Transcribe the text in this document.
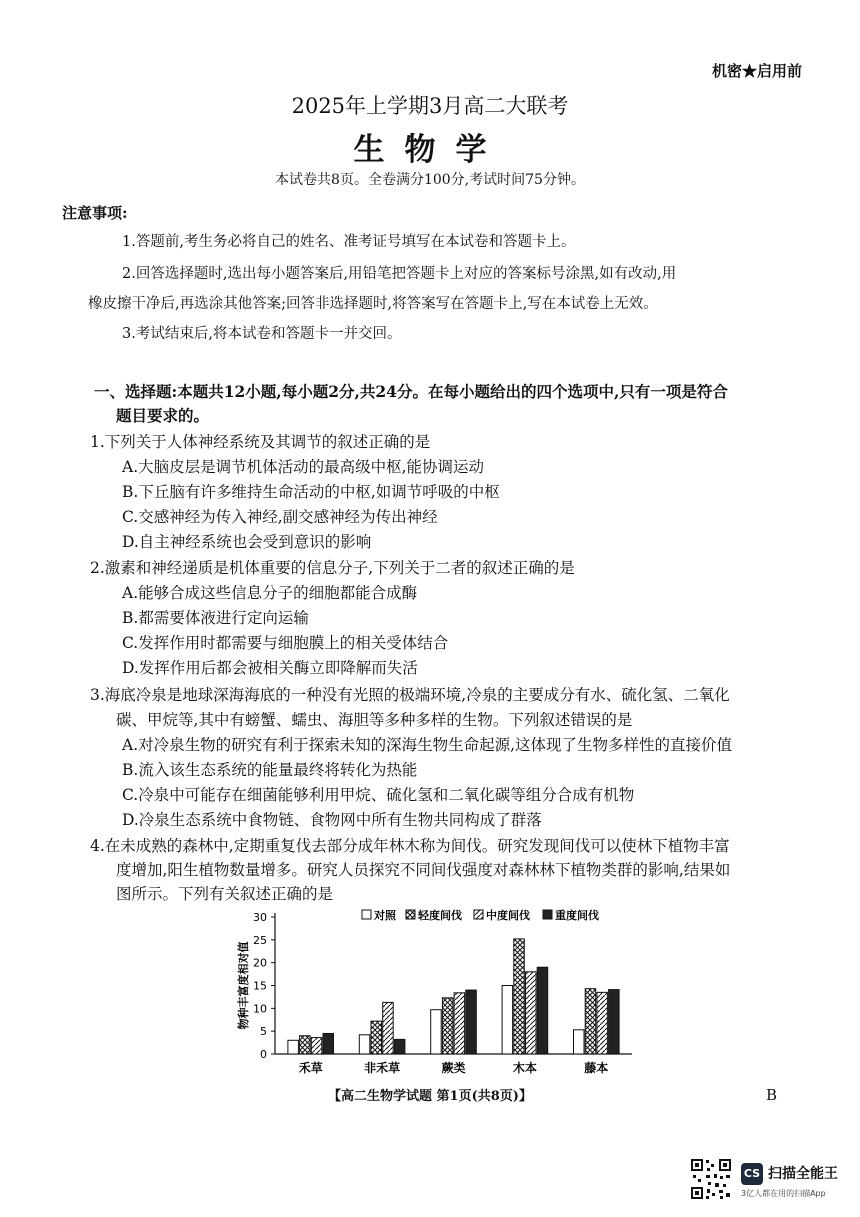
机密★启用前
2025年上学期3月高二大联考
生物学
本试卷共8页。全卷满分100分,考试时间75分钟。
注意事项:
1.答题前,考生务必将自己的姓名、准考证号填写在本试卷和答题卡上。
2.回答选择题时,选出每小题答案后,用铅笔把答题卡上对应的答案标号涂黑,如有改动,用
橡皮擦干净后,再选涂其他答案;回答非选择题时,将答案写在答题卡上,写在本试卷上无效。
3.考试结束后,将本试卷和答题卡一并交回。
一、选择题:本题共12小题,每小题2分,共24分。在每小题给出的四个选项中,只有一项是符合
题目要求的。
1.下列关于人体神经系统及其调节的叙述正确的是
A.大脑皮层是调节机体活动的最高级中枢,能协调运动
B.下丘脑有许多维持生命活动的中枢,如调节呼吸的中枢
C.交感神经为传入神经,副交感神经为传出神经
D.自主神经系统也会受到意识的影响
2.激素和神经递质是机体重要的信息分子,下列关于二者的叙述正确的是
A.能够合成这些信息分子的细胞都能合成酶
B.都需要体液进行定向运输
C.发挥作用时都需要与细胞膜上的相关受体结合
D.发挥作用后都会被相关酶立即降解而失活
3.海底冷泉是地球深海海底的一种没有光照的极端环境,冷泉的主要成分有水、硫化氢、二氧化
碳、甲烷等,其中有螃蟹、蠕虫、海胆等多种多样的生物。下列叙述错误的是
A.对冷泉生物的研究有利于探索未知的深海生物生命起源,这体现了生物多样性的直接价值
B.流入该生态系统的能量最终将转化为热能
C.冷泉中可能存在细菌能够利用甲烷、硫化氢和二氧化碳等组分合成有机物
D.冷泉生态系统中食物链、食物网中所有生物共同构成了群落
4.在未成熟的森林中,定期重复伐去部分成年林木称为间伐。研究发现间伐可以使林下植物丰富
度增加,阳生植物数量增多。研究人员探究不同间伐强度对森林林下植物类群的影响,结果如
图所示。下列有关叙述正确的是
0
5
10
15
20
25
30
物种丰富度相对值
禾草	非禾草	蕨类	木本	藤本
对照 轻度间伐 中度间伐 重度间伐
【高二生物学试题 第1页(共8页)】	B
CS 扫描全能王
3亿人都在用的扫描App
